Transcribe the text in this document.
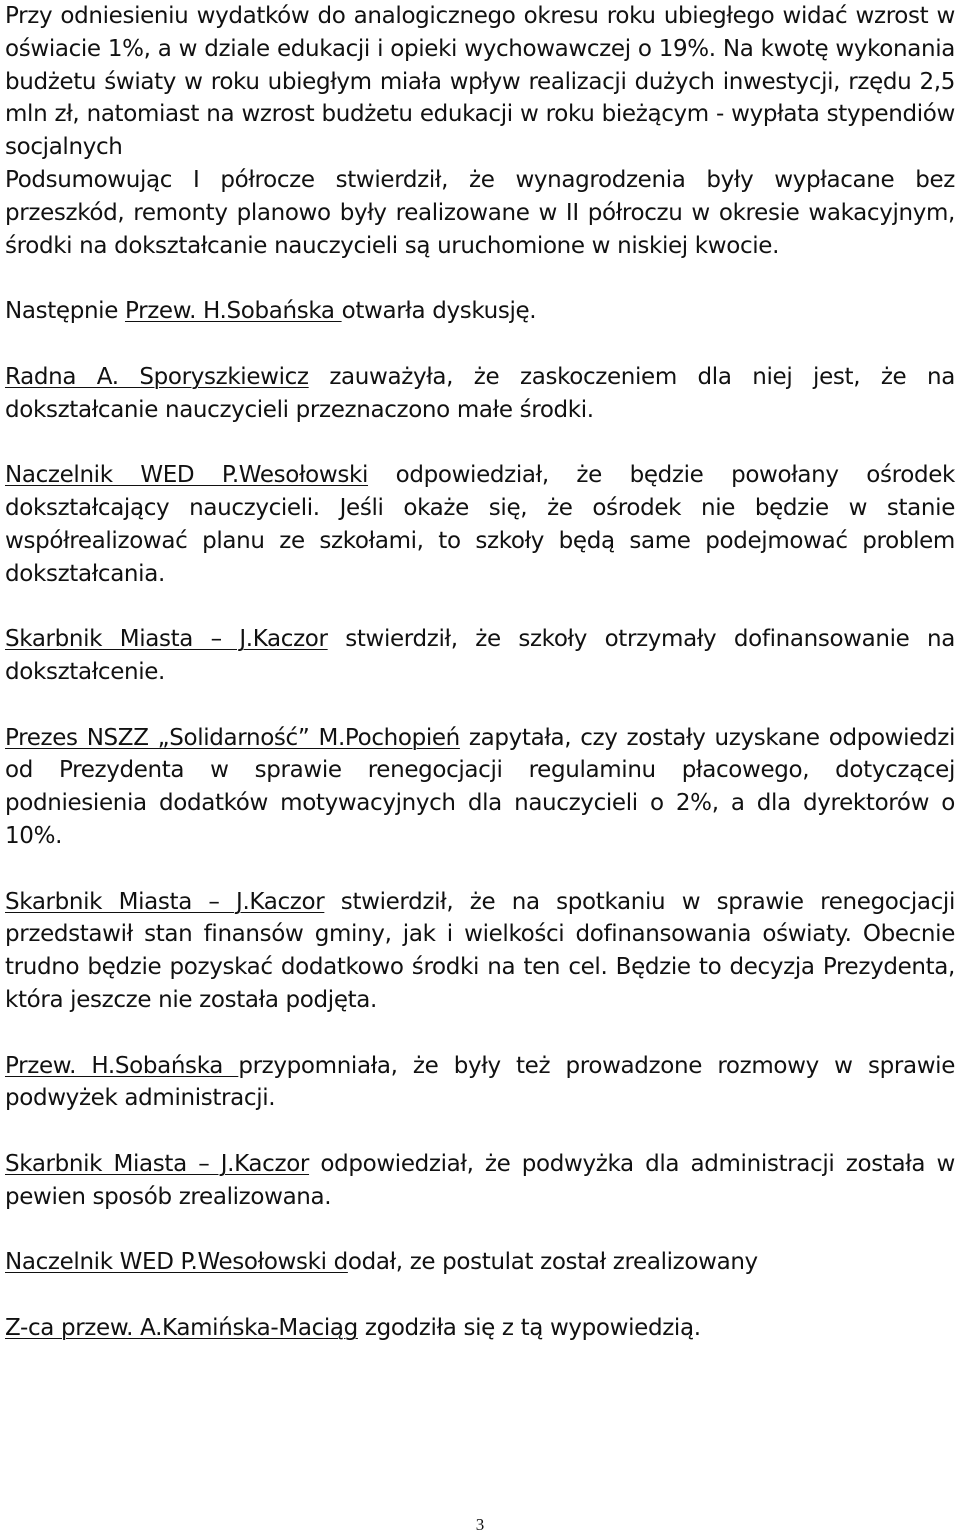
Przy odniesieniu wydatków do analogicznego okresu roku ubiegłego widać wzrost w oświacie 1%, a w dziale edukacji i opieki wychowawczej o 19%. Na kwotę wykonania budżetu światy w roku ubiegłym miała wpływ realizacji dużych inwestycji, rzędu 2,5 mln zł, natomiast na wzrost budżetu edukacji w roku bieżącym - wypłata stypendiów socjalnych

Podsumowując I półrocze stwierdził, że wynagrodzenia były wypłacane bez przeszkód, remonty planowo były realizowane w II półroczu w okresie wakacyjnym, środki na dokształcanie nauczycieli są uruchomione w niskiej kwocie.

Następnie Przew. H.Sobańska otwarła dyskusję.

Radna A. Sporyszkiewicz zauważyła, że zaskoczeniem dla niej jest, że na dokształcanie nauczycieli przeznaczono małe środki.

Naczelnik WED P.Wesołowski odpowiedział, że będzie powołany ośrodek dokształcający nauczycieli. Jeśli okaże się, że ośrodek nie będzie w stanie współrealizować planu ze szkołami, to szkoły będą same podejmować problem dokształcania.

Skarbnik Miasta – J.Kaczor stwierdził, że szkoły otrzymały dofinansowanie na dokształcenie.

Prezes NSZZ „Solidarność” M.Pochopień zapytała, czy zostały uzyskane odpowiedzi od Prezydenta w sprawie renegocjacji regulaminu płacowego, dotyczącej podniesienia dodatków motywacyjnych dla nauczycieli o 2%, a dla dyrektorów o 10%.

Skarbnik Miasta – J.Kaczor stwierdził, że na spotkaniu w sprawie renegocjacji przedstawił stan finansów gminy, jak i wielkości dofinansowania oświaty. Obecnie trudno będzie pozyskać dodatkowo środki na ten cel. Będzie to decyzja Prezydenta, która jeszcze nie została podjęta.

Przew. H.Sobańska przypomniała, że były też prowadzone rozmowy w sprawie podwyżek administracji.

Skarbnik Miasta – J.Kaczor odpowiedział, że podwyżka dla administracji została w pewien sposób zrealizowana.

Naczelnik WED P.Wesołowski dodał, ze postulat został zrealizowany

Z-ca przew. A.Kamińska-Maciąg zgodziła się z tą wypowiedzią.

3
